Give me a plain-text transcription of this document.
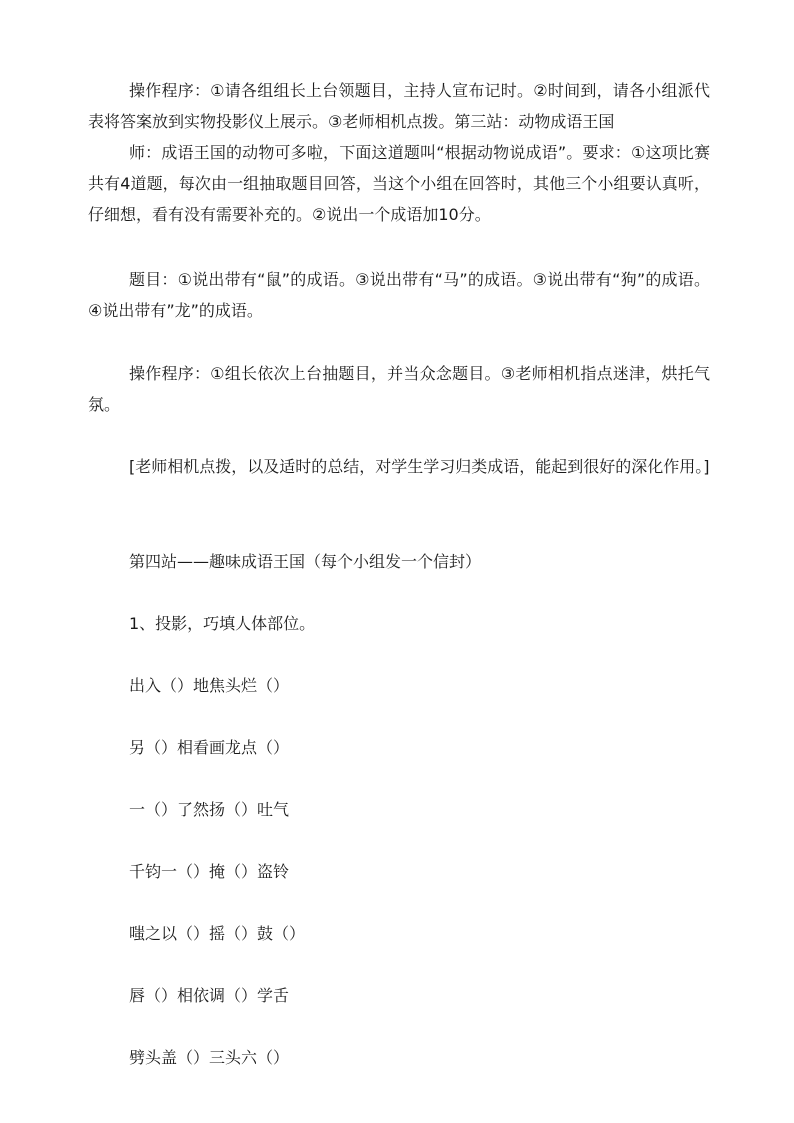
操作程序：①请各组组长上台领题目，主持人宣布记时。②时间到，请各小组派代表将答案放到实物投影仪上展示。③老师相机点拨。第三站：动物成语王国

师：成语王国的动物可多啦，下面这道题叫“根据动物说成语”。要求：①这项比赛共有4道题，每次由一组抽取题目回答，当这个小组在回答时，其他三个小组要认真听，仔细想，看有没有需要补充的。②说出一个成语加10分。

题目：①说出带有“鼠”的成语。③说出带有“马”的成语。③说出带有“狗”的成语。④说出带有”龙”的成语。

操作程序：①组长依次上台抽题目，并当众念题目。③老师相机指点迷津，烘托气氛。

[老师相机点拨，以及适时的总结，对学生学习归类成语，能起到很好的深化作用。]

第四站——趣味成语王国（每个小组发一个信封）

1、投影，巧填人体部位。

出入（）地焦头烂（）

另（）相看画龙点（）

一（）了然扬（）吐气

千钧一（）掩（）盗铃

嗤之以（）摇（）鼓（）

唇（）相依调（）学舌

劈头盖（）三头六（）
